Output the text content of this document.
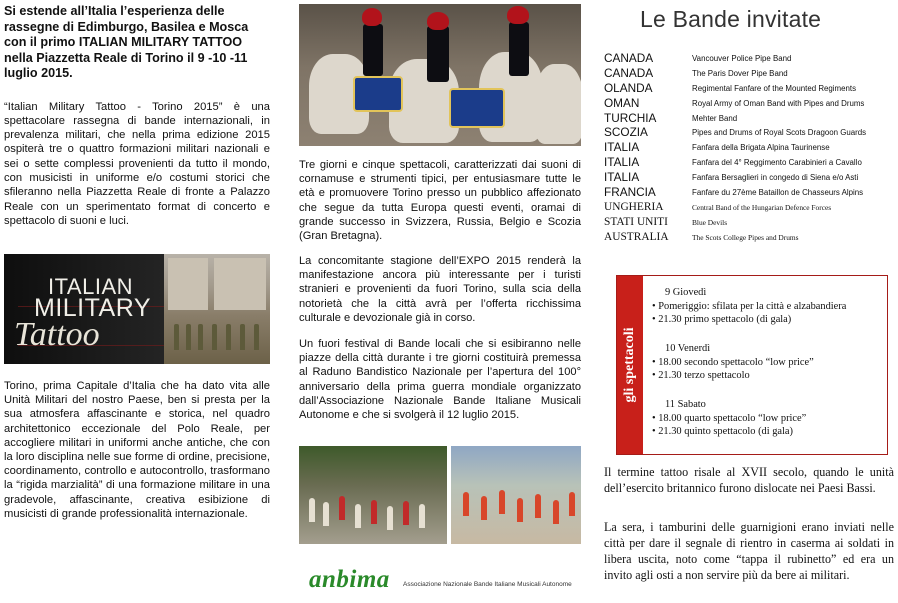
Si estende all’Italia l’esperienza delle rassegne di Edimburgo, Basilea e Mosca con il primo ITALIAN MILITARY TATTOO nella Piazzetta Reale di Torino il 9 -10 -11 luglio 2015.

“Italian Military Tattoo - Torino 2015” è una spettacolare rassegna di bande internazionali, in prevalenza militari, che nella prima edizione 2015 ospiterà tre o quattro formazioni militari nazionali e sei o sette complessi provenienti da tutto il mondo, con musicisti in uniforme e/o costumi storici che sfileranno nella Piazzetta Reale di fronte a Palazzo Reale con un sperimentato format di concerto e spettacolo di suoni e luci.

ITALIAN
MILITARY
Tattoo

Torino, prima Capitale d’Italia che ha dato vita alle Unità Militari del nostro Paese, ben si presta per la sua atmosfera affascinante e storica, nel quadro architettonico eccezionale del Polo Reale, per accogliere militari in uniformi anche antiche, che con la loro disciplina nelle sue forme di ordine, precisione, coordinamento, controllo e autocontrollo, trasformano la “rigida marzialità” di una formazione militare in una gradevole, affascinante, creativa esibizione di musicisti di grande professionalità internazionale.

Tre giorni e cinque spettacoli, caratterizzati dai suoni di cornamuse e strumenti tipici, per entusiasmare tutte le età e promuovere Torino presso un pubblico affezionato che segue da tutta Europa questi eventi, oramai di grande successo in Svizzera, Russia, Belgio e Scozia (Gran Bretagna).

La concomitante stagione dell’EXPO 2015 renderà la manifestazione ancora più interessante per i turisti stranieri e provenienti da fuori Torino, sulla scia della notorietà che la città avrà per l’offerta ricchissima culturale e devozionale già in corso.

Un fuori festival di Bande locali che si esibiranno nelle piazze della città durante i tre giorni costituirà premessa al Raduno Bandistico Nazionale per l’apertura del 100° anniversario della prima guerra mondiale organizzato dall’Associazione Nazionale Bande Italiane Musicali Autonome e che si svolgerà il 12 luglio 2015.

anbima Associazione Nazionale Bande Italiane Musicali Autonome
Le Bande invitate
CANADA	Vancouver Police Pipe Band
CANADA	The Paris Dover Pipe Band
OLANDA	Regimental Fanfare of the Mounted Regiments
OMAN	Royal Army of Oman Band with Pipes and Drums
TURCHIA	Mehter Band
SCOZIA	Pipes and Drums of Royal Scots Dragoon Guards
ITALIA	Fanfara della Brigata Alpina Taurinense
ITALIA	Fanfara del 4° Reggimento Carabinieri a Cavallo
ITALIA	Fanfara Bersaglieri in congedo di Siena e/o Asti
FRANCIA	Fanfare du 27ème Bataillon de Chasseurs Alpins
UNGHERIA	Central Band of the Hungarian Defence Forces
STATI UNITI	Blue Devils
AUSTRALIA	The Scots College Pipes and Drums
gli spettacoli
9 Giovedì
• Pomeriggio: sfilata per la città e alzabandiera
• 21.30 primo spettacolo (di gala)
10 Venerdì
• 18.00 secondo spettacolo “low price”
• 21.30 terzo spettacolo
11 Sabato
• 18.00 quarto spettacolo “low price”
• 21.30 quinto spettacolo (di gala)

Il termine tattoo risale al XVII secolo, quando le unità dell’esercito britannico furono dislocate nei Paesi Bassi.

La sera, i tamburini delle guarnigioni erano inviati nelle città per dare il segnale di rientro in caserma ai soldati in libera uscita, noto come “tappa il rubinetto” ed era un invito agli osti a non servire più da bere ai militari.
